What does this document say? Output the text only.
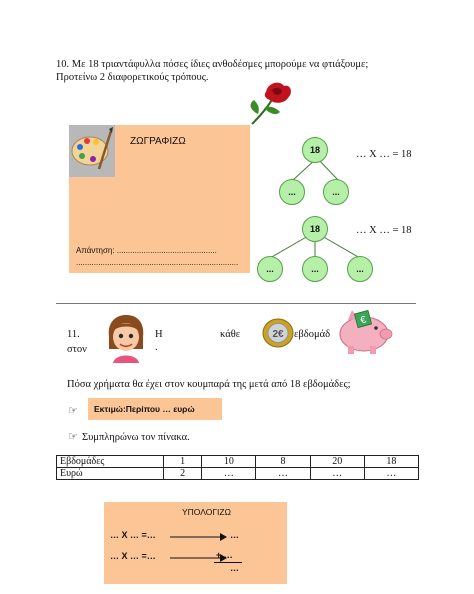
10. Με 18 τριαντάφυλλα πόσες ίδιες ανθοδέσμες μπορούμε να φτιάξουμε;
Προτείνω 2 διαφορετικούς τρόπους.
ΖΩΓΡΑΦΙΖΩ
Απάντηση: .............................................
.........................................................................
18
...	...
… X … = 18
18
...	...	...
… X … = 18
11.
στον
Η
.
κάθε	εβδομάδ
2€
€
Πόσα χρήματα θα έχει στον κουμπαρά της μετά από 18 εβδομάδες;
☞	Εκτιμώ:Περίπου … ευρώ
☞ Συμπληρώνω τον πίνακα.
Εβδομάδες	1	10	8	20	18
Ευρώ	2	…	…	…	…
ΥΠΟΛΟΓΙΖΩ
… X … =…	…
… X … =…	+ …
…
